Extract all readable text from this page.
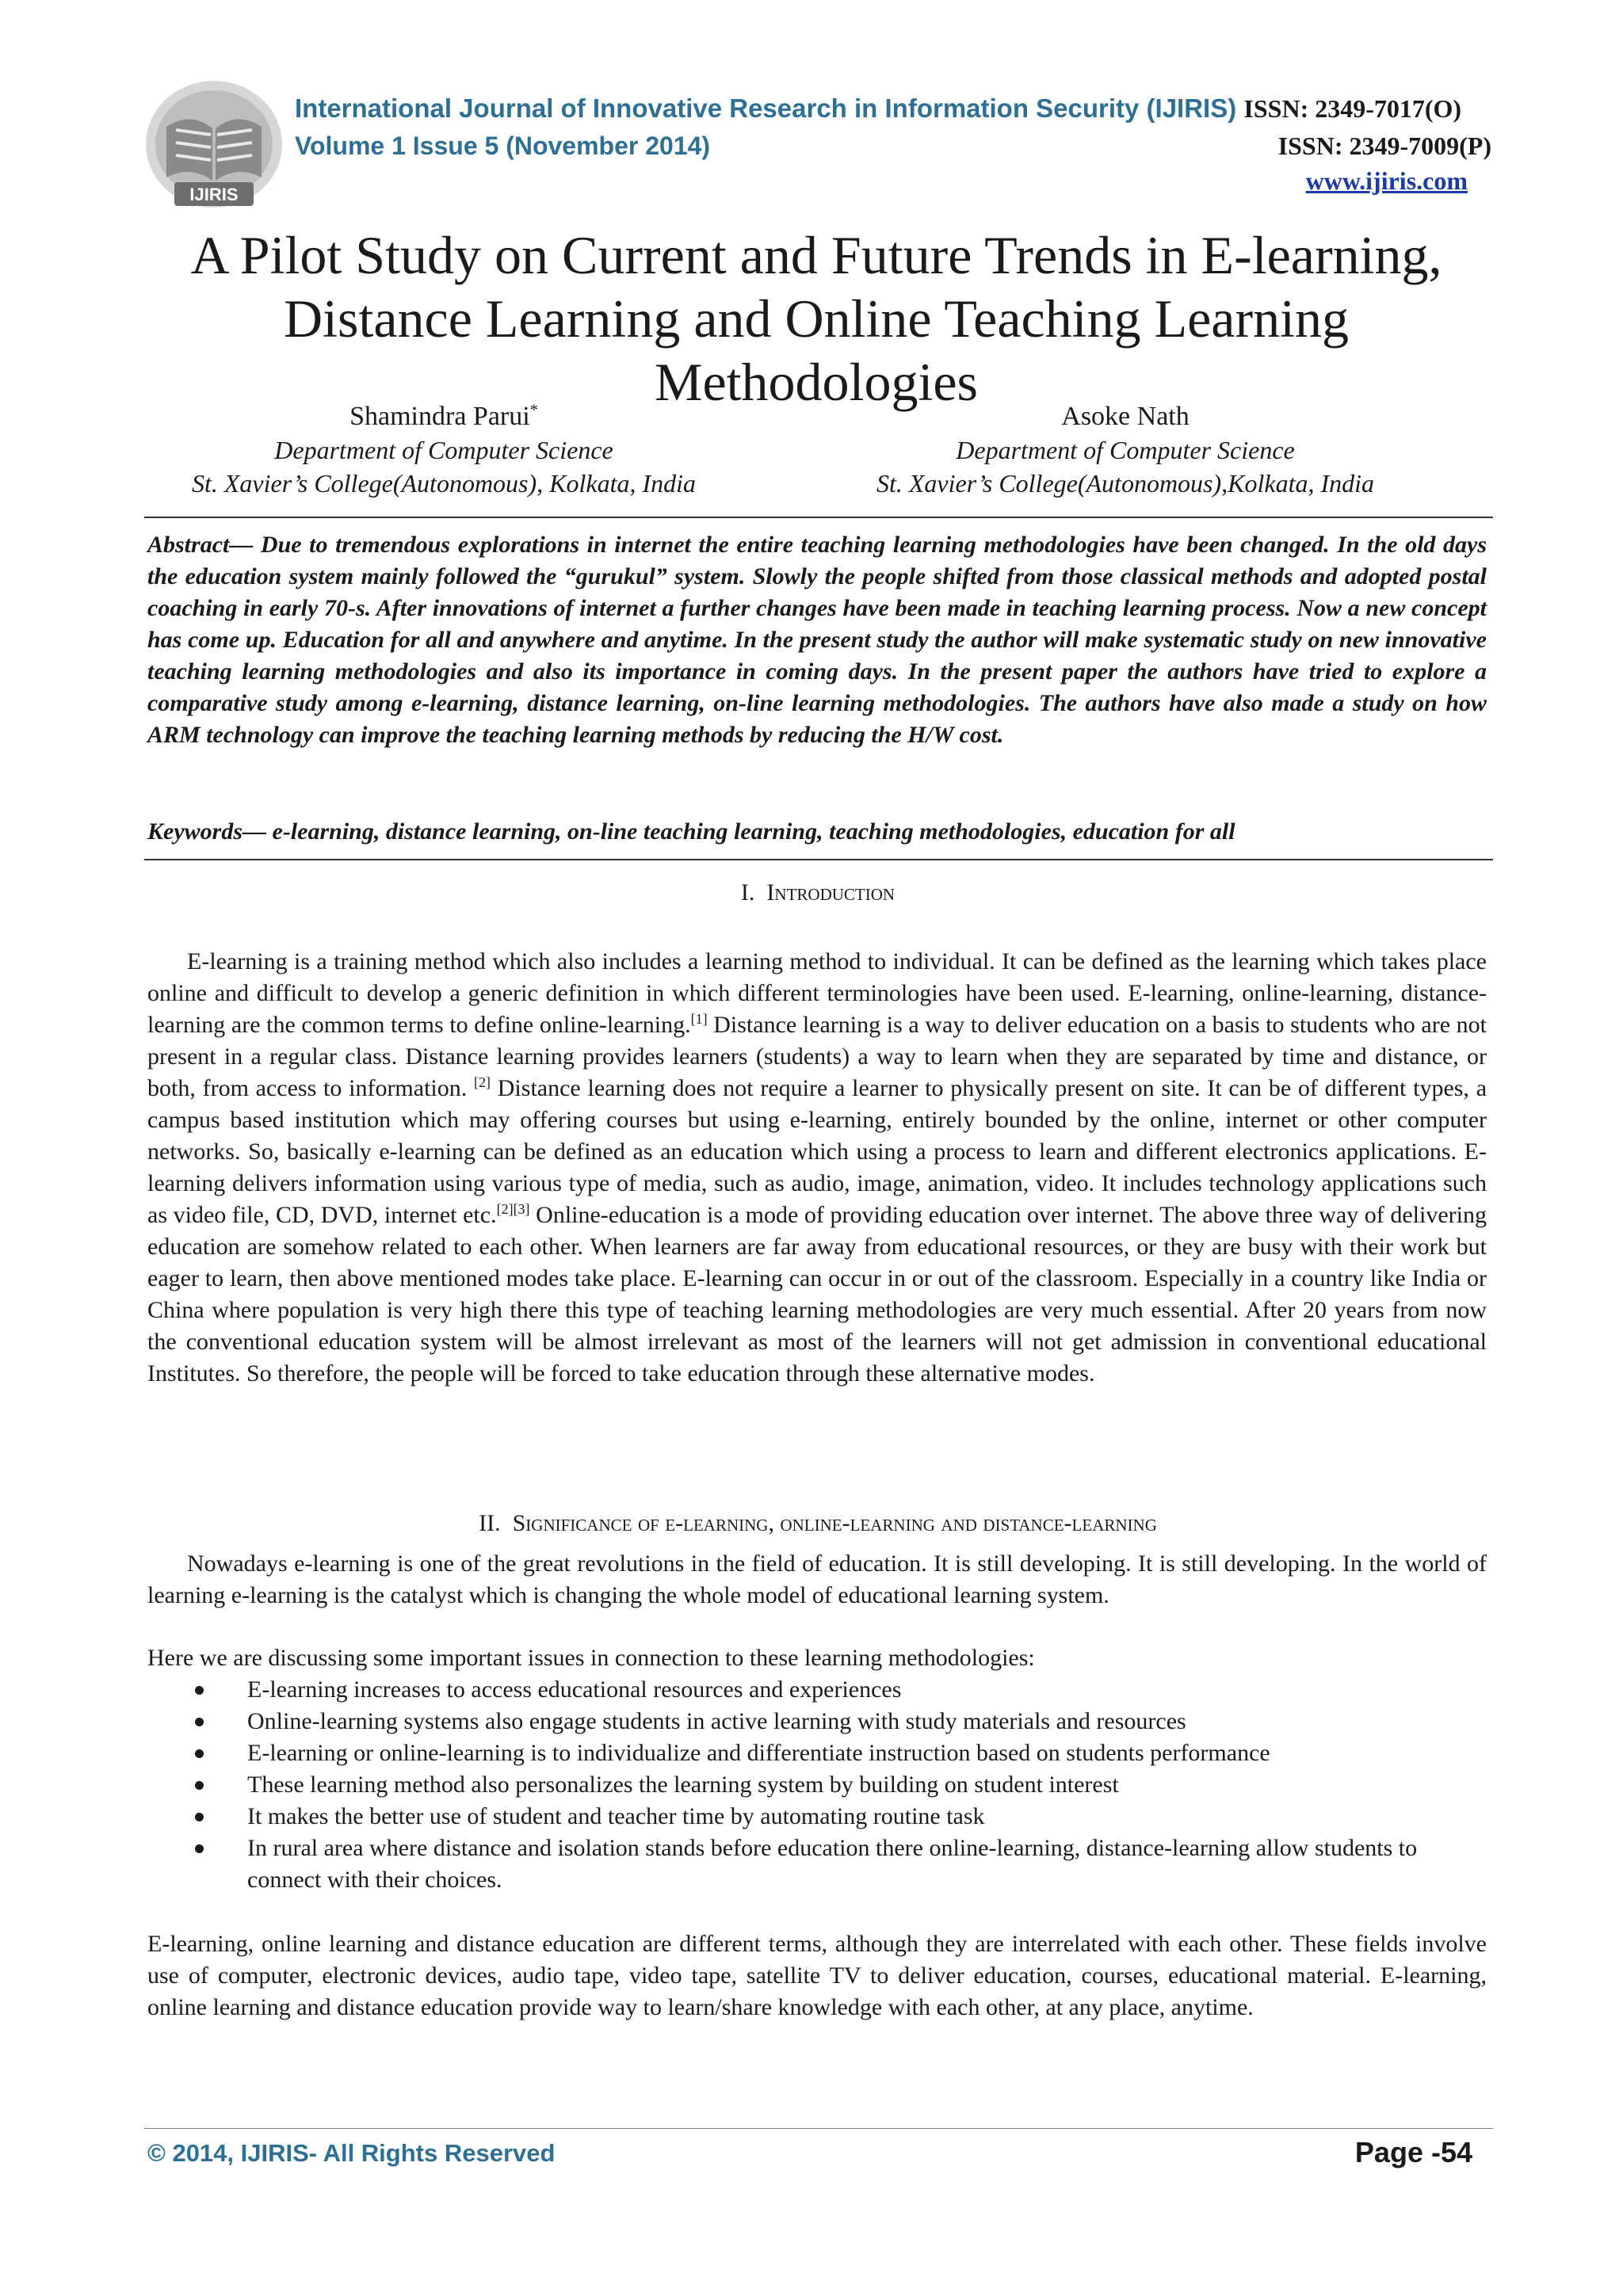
IJIRIS
International Journal of Innovative Research in Information Security (IJIRIS) ISSN: 2349-7017(O)
Volume 1 Issue 5 (November 2014)	ISSN: 2349-7009(P)
www.ijiris.com
A Pilot Study on Current and Future Trends in E-learning,
Distance Learning and Online Teaching Learning
Methodologies
Shamindra Parui*
Department of Computer Science
St. Xavier’s College(Autonomous), Kolkata, India
Asoke Nath
Department of Computer Science
St. Xavier’s College(Autonomous),Kolkata, India
Abstract— Due to tremendous explorations in internet the entire teaching learning methodologies have been changed. In the old days the education system mainly followed the “gurukul” system. Slowly the people shifted from those classical methods and adopted postal coaching in early 70-s. After innovations of internet a further changes have been made in teaching learning process. Now a new concept has come up. Education for all and anywhere and anytime. In the present study the author will make systematic study on new innovative teaching learning methodologies and also its importance in coming days. In the present paper the authors have tried to explore a comparative study among e-learning, distance learning, on-line learning methodologies. The authors have also made a study on how ARM technology can improve the teaching learning methods by reducing the H/W cost.
Keywords— e-learning, distance learning, on-line teaching learning, teaching methodologies, education for all
I. Introduction
E-learning is a training method which also includes a learning method to individual. It can be defined as the learning which takes place online and difficult to develop a generic definition in which different terminologies have been used. E-learning, online-learning, distance-learning are the common terms to define online-learning.[1] Distance learning is a way to deliver education on a basis to students who are not present in a regular class. Distance learning provides learners (students) a way to learn when they are separated by time and distance, or both, from access to information. [2] Distance learning does not require a learner to physically present on site. It can be of different types, a campus based institution which may offering courses but using e-learning, entirely bounded by the online, internet or other computer networks. So, basically e-learning can be defined as an education which using a process to learn and different electronics applications. E-learning delivers information using various type of media, such as audio, image, animation, video. It includes technology applications such as video file, CD, DVD, internet etc.[2][3] Online-education is a mode of providing education over internet. The above three way of delivering education are somehow related to each other. When learners are far away from educational resources, or they are busy with their work but eager to learn, then above mentioned modes take place. E-learning can occur in or out of the classroom. Especially in a country like India or China where population is very high there this type of teaching learning methodologies are very much essential. After 20 years from now the conventional education system will be almost irrelevant as most of the learners will not get admission in conventional educational Institutes. So therefore, the people will be forced to take education through these alternative modes.
II. Significance of e-learning, online-learning and distance-learning
Nowadays e-learning is one of the great revolutions in the field of education. It is still developing. It is still developing. In the world of learning e-learning is the catalyst which is changing the whole model of educational learning system.
Here we are discussing some important issues in connection to these learning methodologies:
E-learning increases to access educational resources and experiences
Online-learning systems also engage students in active learning with study materials and resources
E-learning or online-learning is to individualize and differentiate instruction based on students performance
These learning method also personalizes the learning system by building on student interest
It makes the better use of student and teacher time by automating routine task
In rural area where distance and isolation stands before education there online-learning, distance-learning allow students to connect with their choices.
E-learning, online learning and distance education are different terms, although they are interrelated with each other. These fields involve use of computer, electronic devices, audio tape, video tape, satellite TV to deliver education, courses, educational material. E-learning, online learning and distance education provide way to learn/share knowledge with each other, at any place, anytime.
© 2014, IJIRIS- All Rights Reserved	Page -54
